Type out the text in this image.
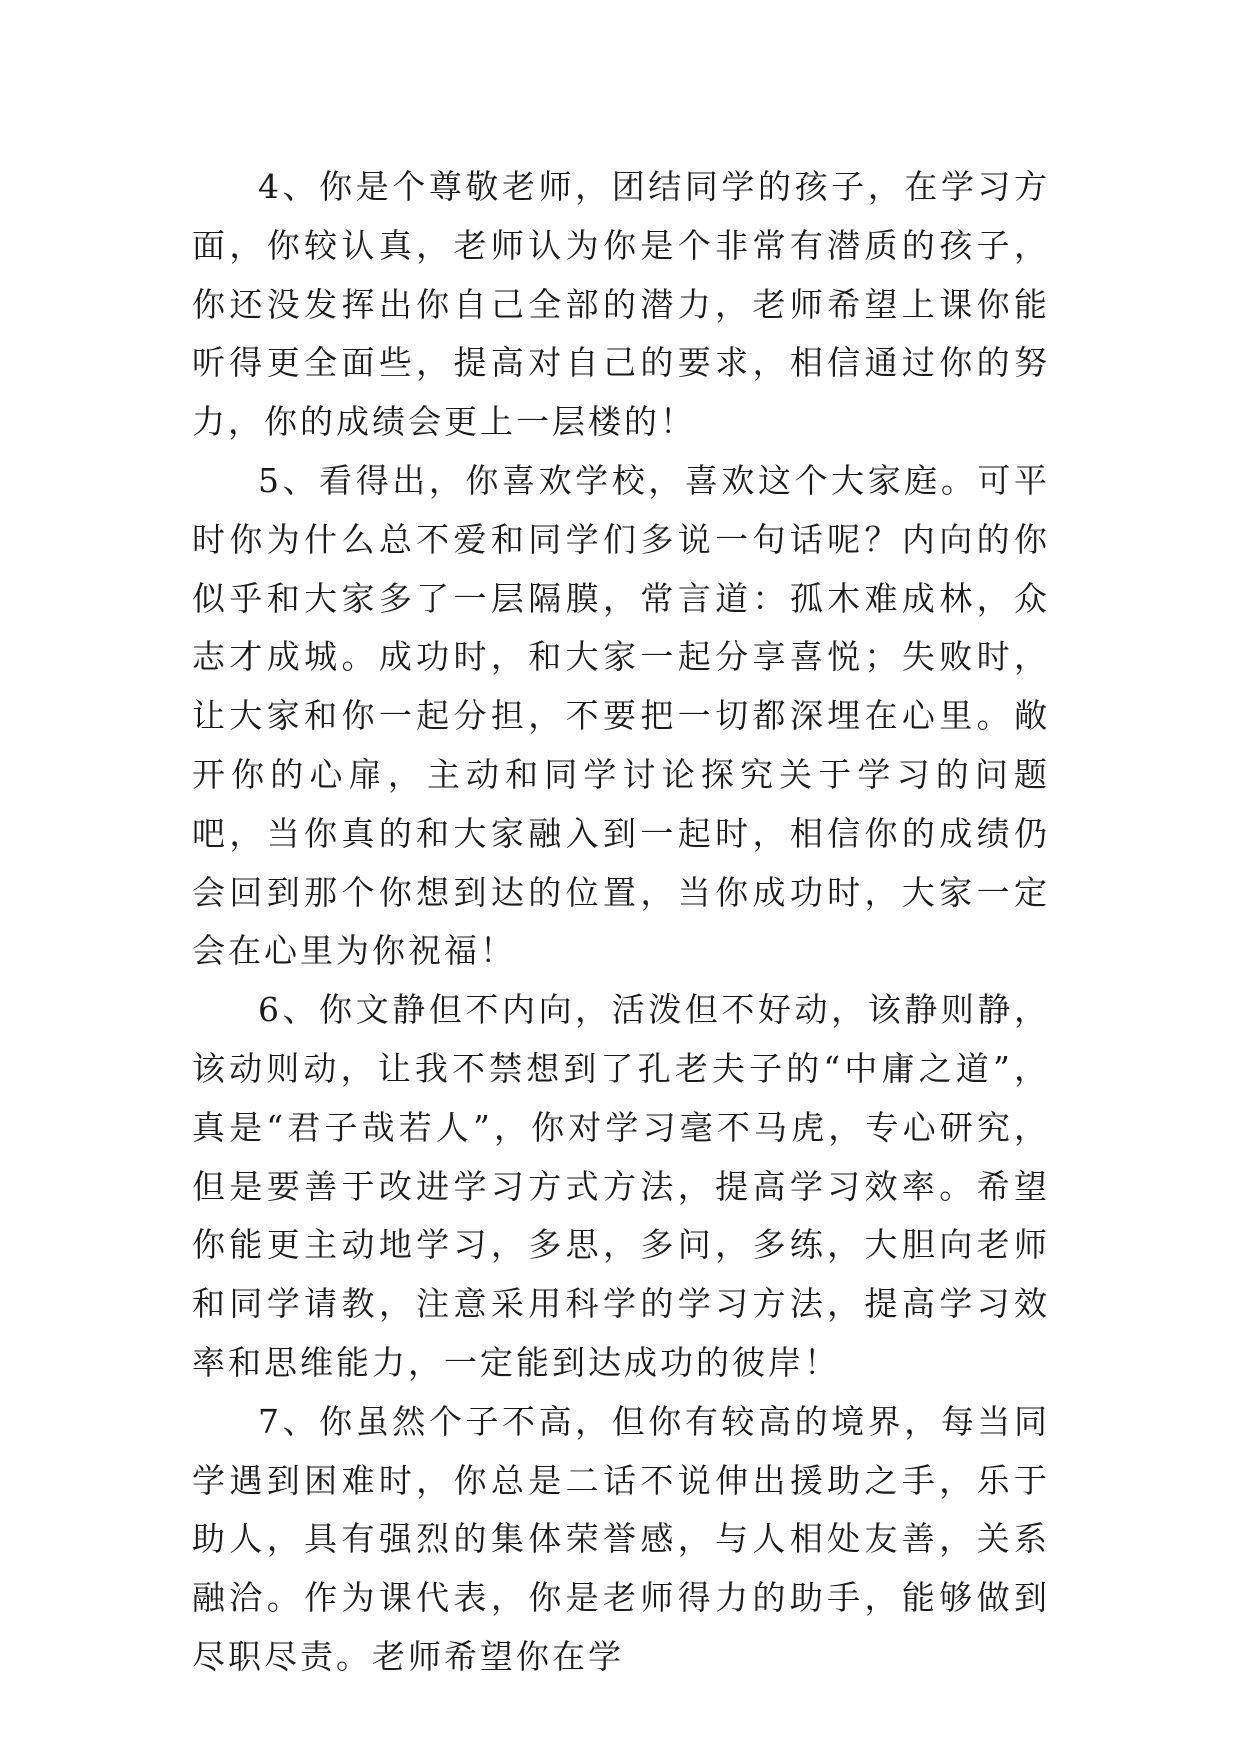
4、你是个尊敬老师，团结同学的孩子，在学习方面，你较认真，老师认为你是个非常有潜质的孩子，你还没发挥出你自己全部的潜力，老师希望上课你能听得更全面些，提高对自己的要求，相信通过你的努力，你的成绩会更上一层楼的！

5、看得出，你喜欢学校，喜欢这个大家庭。可平时你为什么总不爱和同学们多说一句话呢？内向的你似乎和大家多了一层隔膜，常言道：孤木难成林，众志才成城。成功时，和大家一起分享喜悦；失败时，让大家和你一起分担，不要把一切都深埋在心里。敞开你的心扉，主动和同学讨论探究关于学习的问题吧，当你真的和大家融入到一起时，相信你的成绩仍会回到那个你想到达的位置，当你成功时，大家一定会在心里为你祝福！

6、你文静但不内向，活泼但不好动，该静则静，该动则动，让我不禁想到了孔老夫子的“中庸之道”，真是“君子哉若人”，你对学习毫不马虎，专心研究，但是要善于改进学习方式方法，提高学习效率。希望你能更主动地学习，多思，多问，多练，大胆向老师和同学请教，注意采用科学的学习方法，提高学习效率和思维能力，一定能到达成功的彼岸！

7、你虽然个子不高，但你有较高的境界，每当同学遇到困难时，你总是二话不说伸出援助之手，乐于助人，具有强烈的集体荣誉感，与人相处友善，关系融洽。作为课代表，你是老师得力的助手，能够做到尽职尽责。老师希望你在学
